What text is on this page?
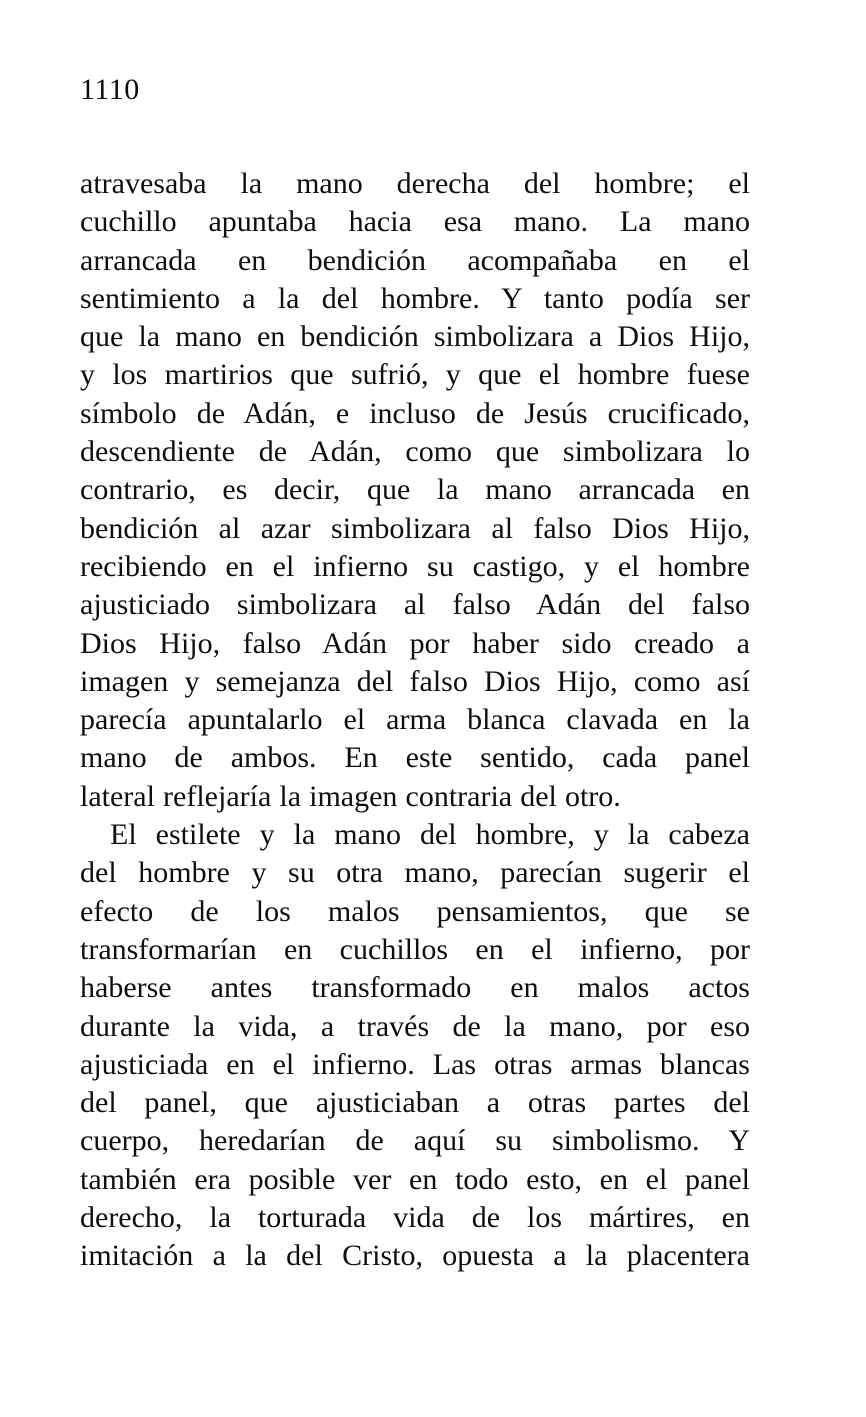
1110
atravesaba la mano derecha del hombre; el
cuchillo apuntaba hacia esa mano. La mano
arrancada en bendición acompañaba en el
sentimiento a la del hombre. Y tanto podía ser
que la mano en bendición simbolizara a Dios Hijo,
y los martirios que sufrió, y que el hombre fuese
símbolo de Adán, e incluso de Jesús crucificado,
descendiente de Adán, como que simbolizara lo
contrario, es decir, que la mano arrancada en
bendición al azar simbolizara al falso Dios Hijo,
recibiendo en el infierno su castigo, y el hombre
ajusticiado simbolizara al falso Adán del falso
Dios Hijo, falso Adán por haber sido creado a
imagen y semejanza del falso Dios Hijo, como así
parecía apuntalarlo el arma blanca clavada en la
mano de ambos. En este sentido, cada panel
lateral reflejaría la imagen contraria del otro.
El estilete y la mano del hombre, y la cabeza
del hombre y su otra mano, parecían sugerir el
efecto de los malos pensamientos, que se
transformarían en cuchillos en el infierno, por
haberse antes transformado en malos actos
durante la vida, a través de la mano, por eso
ajusticiada en el infierno. Las otras armas blancas
del panel, que ajusticiaban a otras partes del
cuerpo, heredarían de aquí su simbolismo. Y
también era posible ver en todo esto, en el panel
derecho, la torturada vida de los mártires, en
imitación a la del Cristo, opuesta a la placentera
